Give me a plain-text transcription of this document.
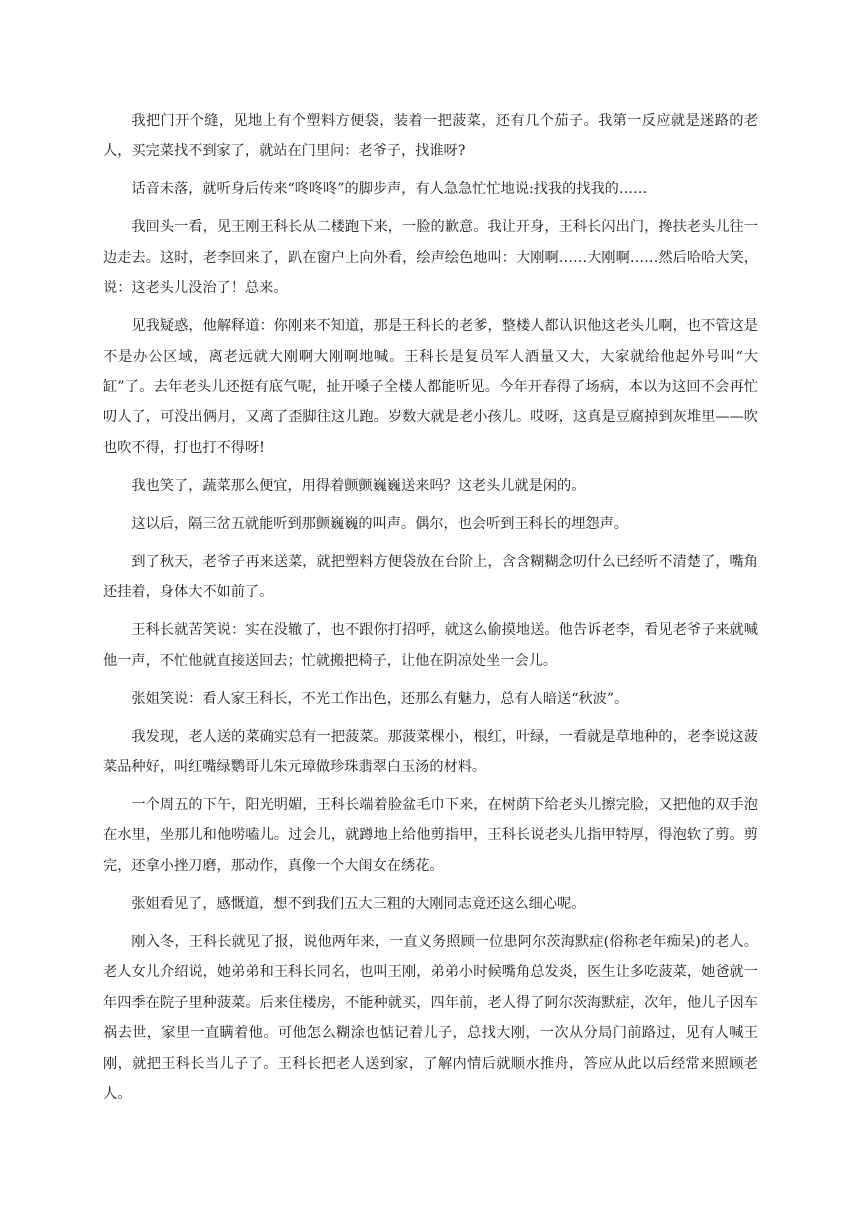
我把门开个缝，见地上有个塑料方便袋，装着一把菠菜，还有几个茄子。我第一反应就是迷路的老人，买完菜找不到家了，就站在门里问：老爷子，找谁呀?

话音未落，就听身后传来“咚咚咚”的脚步声，有人急急忙忙地说:找我的找我的……

我回头一看，见王刚王科长从二楼跑下来，一脸的歉意。我让开身，王科长闪出门，搀扶老头儿往一边走去。这时，老李回来了，趴在窗户上向外看，绘声绘色地叫：大刚啊……大刚啊……然后哈哈大笑，说：这老头儿没治了！总来。

见我疑惑，他解释道：你刚来不知道，那是王科长的老爹，整楼人都认识他这老头儿啊，也不管这是不是办公区域，离老远就大刚啊大刚啊地喊。王科长是复员军人酒量又大，大家就给他起外号叫“大缸”了。去年老头儿还挺有底气呢，扯开嗓子全楼人都能听见。今年开春得了场病，本以为这回不会再忙叨人了，可没出俩月，又离了歪脚往这儿跑。岁数大就是老小孩儿。哎呀，这真是豆腐掉到灰堆里——吹也吹不得，打也打不得呀!

我也笑了，蔬菜那么便宜，用得着颤颤巍巍送来吗？这老头儿就是闲的。

这以后，隔三岔五就能听到那颤巍巍的叫声。偶尔，也会听到王科长的埋怨声。

到了秋天，老爷子再来送菜，就把塑料方便袋放在台阶上，含含糊糊念叨什么已经听不清楚了，嘴角还挂着，身体大不如前了。

王科长就苦笑说：实在没辙了，也不跟你打招呼，就这么偷摸地送。他告诉老李，看见老爷子来就喊他一声，不忙他就直接送回去；忙就搬把椅子，让他在阴凉处坐一会儿。

张姐笑说：看人家王科长，不光工作出色，还那么有魅力，总有人暗送“秋波”。

我发现，老人送的菜确实总有一把菠菜。那菠菜棵小，根红，叶绿，一看就是草地种的，老李说这菠菜品种好，叫红嘴绿鹦哥儿朱元璋做珍珠翡翠白玉汤的材料。

一个周五的下午，阳光明媚，王科长端着脸盆毛巾下来，在树荫下给老头儿擦完脸，又把他的双手泡在水里，坐那儿和他唠嗑儿。过会儿，就蹲地上给他剪指甲，王科长说老头儿指甲特厚，得泡软了剪。剪完，还拿小挫刀磨，那动作，真像一个大闺女在绣花。

张姐看见了，感慨道，想不到我们五大三粗的大刚同志竟还这么细心呢。

刚入冬，王科长就见了报，说他两年来，一直义务照顾一位患阿尔茨海默症(俗称老年痴呆)的老人。老人女儿介绍说，她弟弟和王科长同名，也叫王刚，弟弟小时候嘴角总发炎，医生让多吃菠菜，她爸就一年四季在院子里种菠菜。后来住楼房，不能种就买，四年前，老人得了阿尔茨海默症，次年，他儿子因车祸去世，家里一直瞒着他。可他怎么糊涂也惦记着儿子，总找大刚，一次从分局门前路过，见有人喊王刚，就把王科长当儿子了。王科长把老人送到家，了解内情后就顺水推舟，答应从此以后经常来照顾老人。
